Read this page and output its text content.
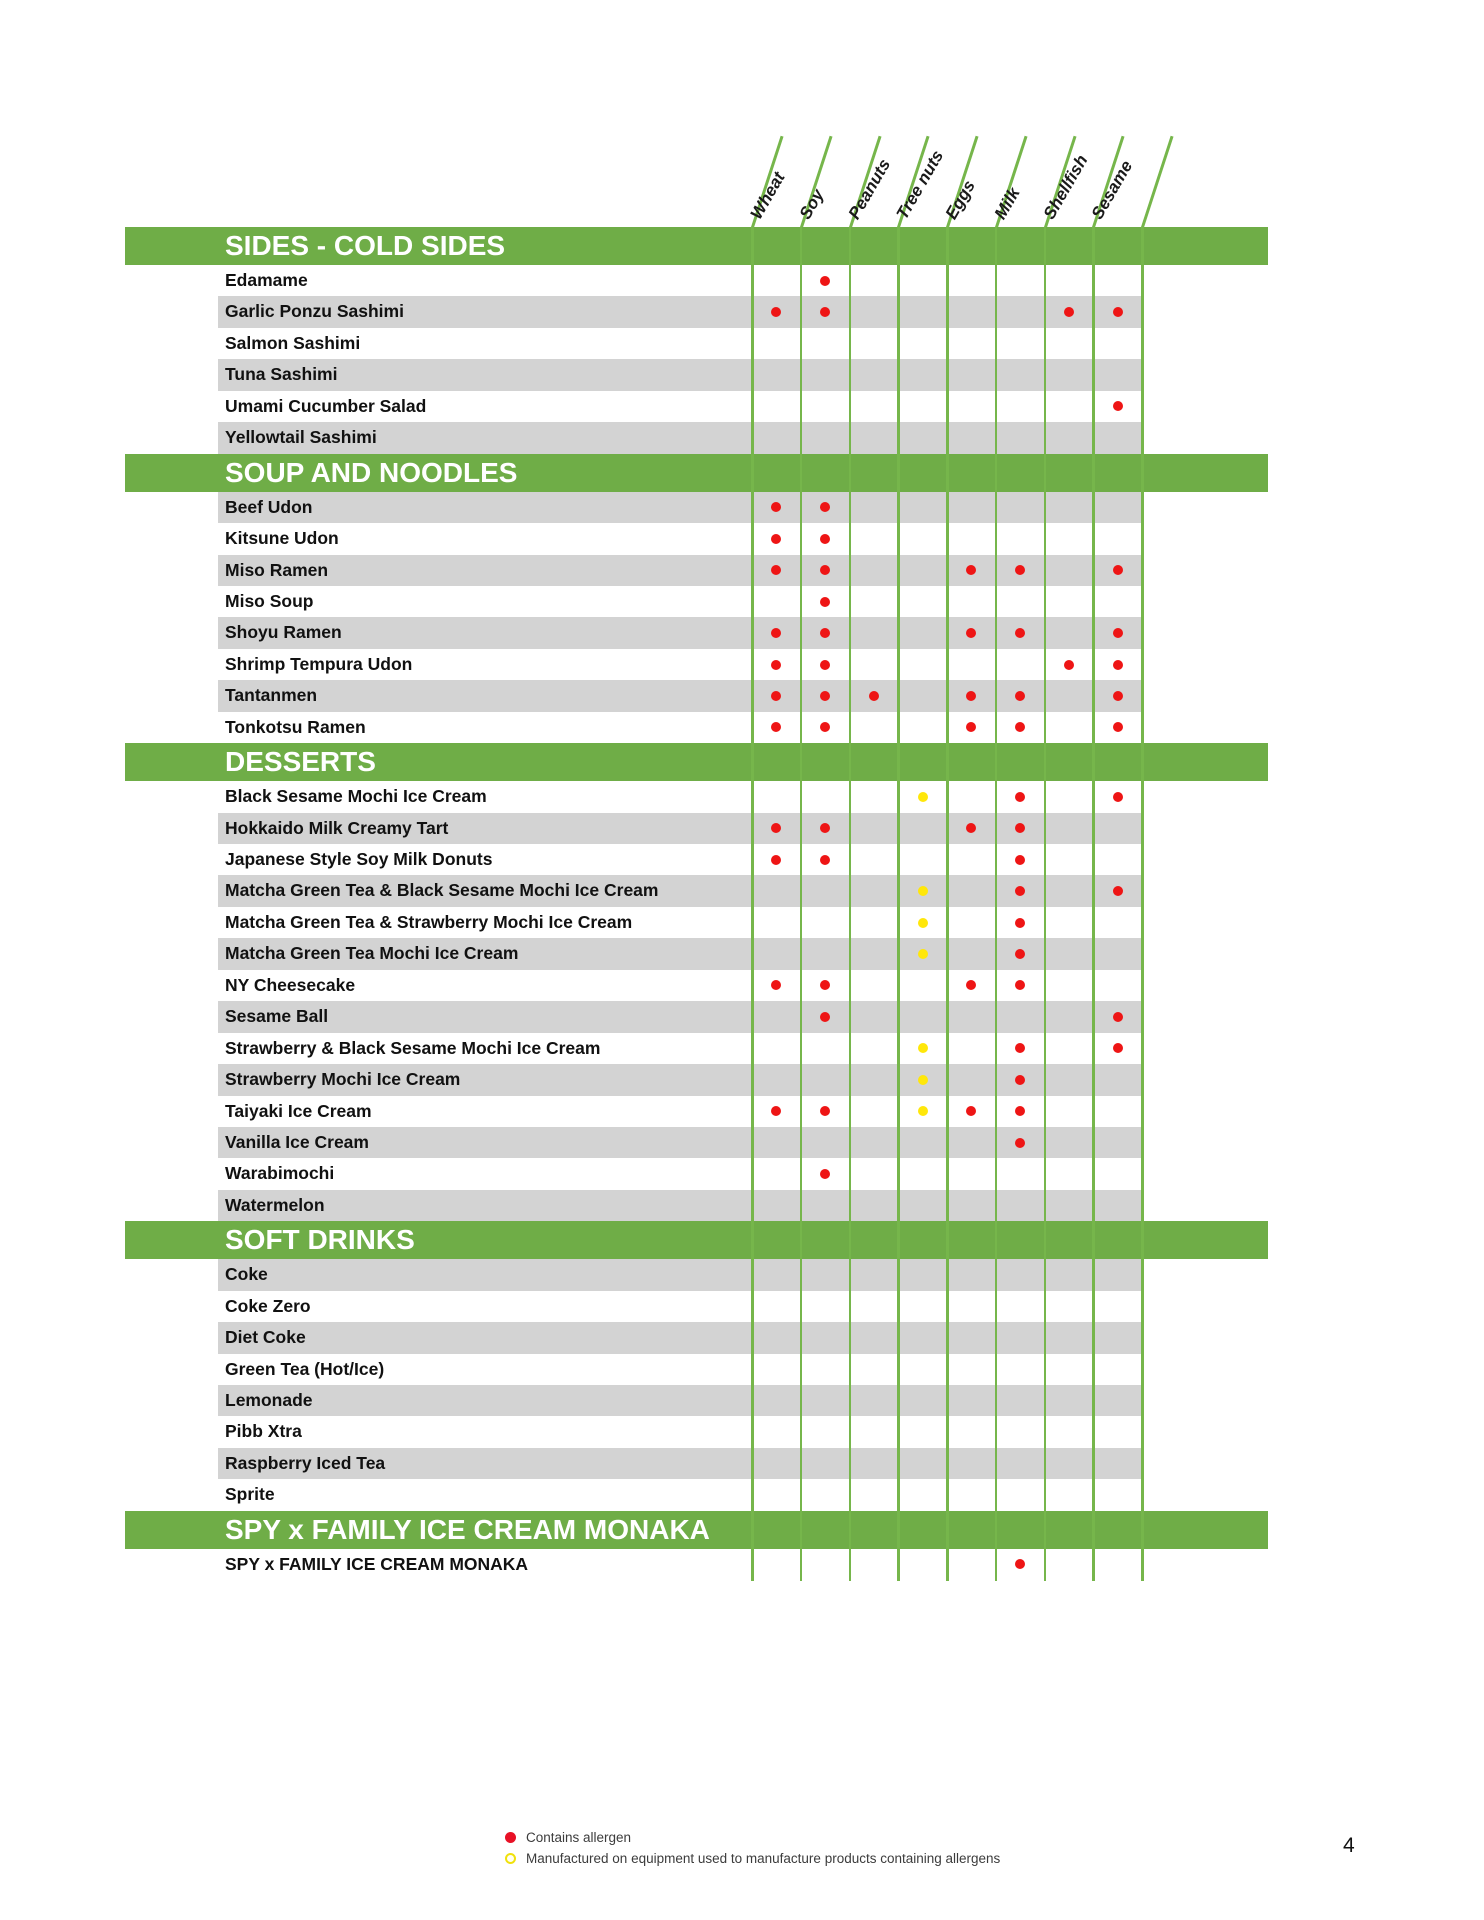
Wheat Soy Peanuts Tree nuts
Eggs Milk Shellfish
Sesame
SIDES - COLD SIDES
Edamame
Garlic Ponzu Sashimi
Salmon Sashimi
Tuna Sashimi
Umami Cucumber Salad
Yellowtail Sashimi
SOUP AND NOODLES
Beef Udon
Kitsune Udon
Miso Ramen
Miso Soup
Shoyu Ramen
Shrimp Tempura Udon
Tantanmen
Tonkotsu Ramen
DESSERTS
Black Sesame Mochi Ice Cream
Hokkaido Milk Creamy Tart
Japanese Style Soy Milk Donuts
Matcha Green Tea & Black Sesame Mochi Ice Cream
Matcha Green Tea & Strawberry Mochi Ice Cream
Matcha Green Tea Mochi Ice Cream
NY Cheesecake
Sesame Ball
Strawberry & Black Sesame Mochi Ice Cream
Strawberry Mochi Ice Cream
Taiyaki Ice Cream
Vanilla Ice Cream
Warabimochi
Watermelon
SOFT DRINKS
Coke
Coke Zero
Diet Coke
Green Tea (Hot/Ice)
Lemonade
Pibb Xtra
Raspberry Iced Tea
Sprite
SPY x FAMILY ICE CREAM MONAKA
SPY x FAMILY ICE CREAM MONAKA
Contains allergen
Manufactured on equipment used to manufacture products containing allergens
4
